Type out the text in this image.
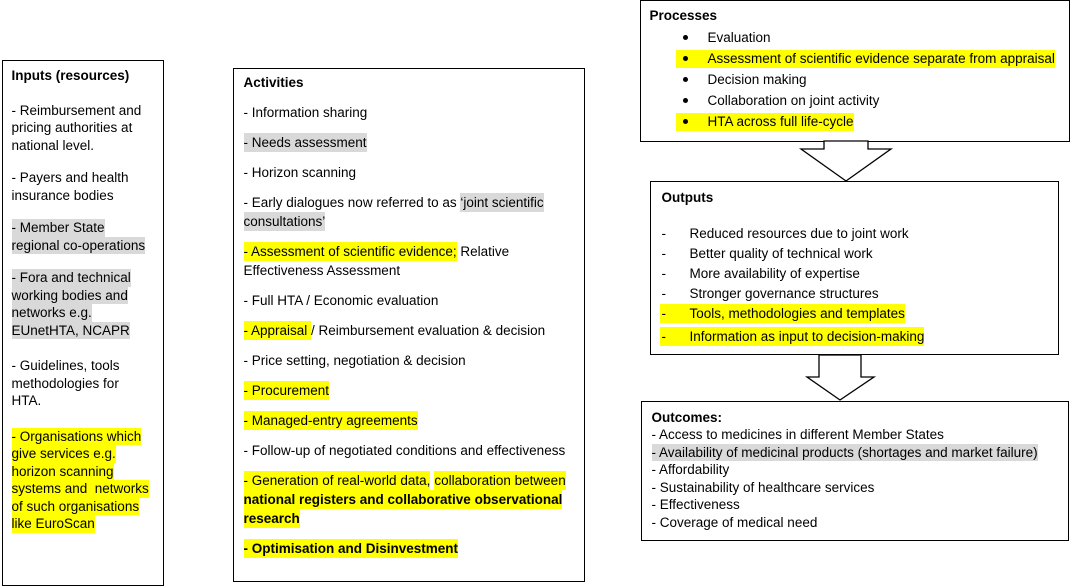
Inputs (resources)
- Reimbursement and
pricing authorities at
national level.
- Payers and health
insurance bodies
- Member State
regional co-operations
- Fora and technical
working bodies and
networks e.g.
EUnetHTA, NCAPR
- Guidelines, tools
methodologies for
HTA.
- Organisations which
give services e.g.
horizon scanning
systems and  networks
of such organisations
like EuroScan
Activities
- Information sharing
- Needs assessment
- Horizon scanning
- Early dialogues now referred to as ‘joint scientific
consultations’
- Assessment of scientific evidence; Relative
Effectiveness Assessment
- Full HTA / Economic evaluation
- Appraisal / Reimbursement evaluation & decision
- Price setting, negotiation & decision
- Procurement
- Managed-entry agreements
- Follow-up of negotiated conditions and effectiveness
- Generation of real-world data, collaboration between
national registers and collaborative observational
research
- Optimisation and Disinvestment
Processes
Evaluation
Assessment of scientific evidence separate from appraisal
Decision making
Collaboration on joint activity
HTA across full life-cycle
Outputs
-	Reduced resources due to joint work
-	Better quality of technical work
-	More availability of expertise
-	Stronger governance structures
-	Tools, methodologies and templates
-	Information as input to decision-making
Outcomes:
- Access to medicines in different Member States
- Availability of medicinal products (shortages and market failure)
- Affordability
- Sustainability of healthcare services
- Effectiveness
- Coverage of medical need
